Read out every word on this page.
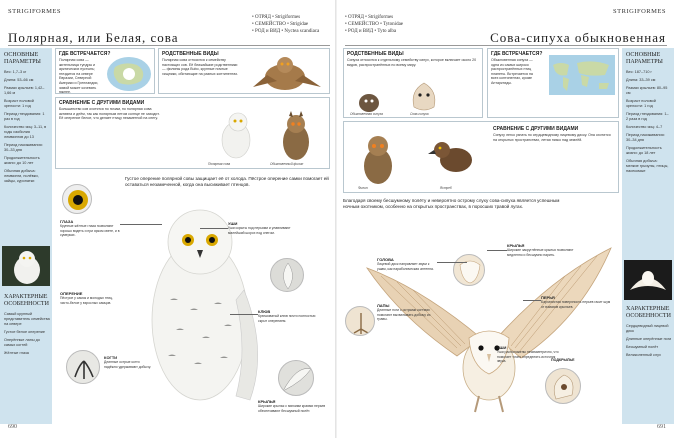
STRIGIFORMES
Полярная, или Белая, сова
• ОТРЯД • Strigiformes
• СЕМЕЙСТВО • Strigidae
• РОД и ВИД • Nyctea scandiaca
ОСНОВНЫЕ ПАРАМЕТРЫ
Вес: 1,7–3 кг
Длина: 53–66 см
Размах крыльев: 1,42–1,66 м
Возраст половой зрелости: 1 год
Период гнездования: 1 раз в год
Количество яиц: 3–11, в годы изобилия леммингов до 13
Период насиживания: 30–33 дня
Продолжительность жизни: до 10 лет
Обычная добыча: лемминги, полёвки, зайцы, куропатки
ХАРАКТЕРНЫЕ ОСОБЕННОСТИ
Самый крупный представитель семейства на севере
Густое белое оперение
Оперённые лапы до самых когтей
Жёлтые глаза
ГДЕ ВСТРЕЧАЕТСЯ?
Полярная сова — жительница тундры и арктических пустынь; гнездится на севере Евразии, Северной Америки и Гренландии, зимой может кочевать южнее.
РОДСТВЕННЫЕ ВИДЫ
Полярная сова относится к семейству настоящих сов. Её ближайшие родственники — филины рода Bubo, крупные ночные хищники, обитающие на разных континентах.
СРАВНЕНИЕ С ДРУГИМИ ВИДАМИ
Большинство сов охотятся по ночам, но полярная сова активна и днём, так как полярным летом солнце не заходит. Её оперение белое, что делает птицу незаметной на снегу.
Полярная сова	Обыкновенный филин
Густое оперение полярной совы защищает её от холода. Пёстрое оперение самки помогает ей оставаться незамеченной, когда она высиживает птенцов.
ГЛАЗА
Крупные жёлтые глаза позволяют хорошо видеть и при ярком свете, и в сумерках.
ОПЕРЕНИЕ
Пёстрое у самок и молодых птиц, чисто-белое у взрослых самцов.
КОГТИ
Длинные острые когти надёжно удерживают добычу.
УШИ
Уши скрыты под перьями и улавливают малейший шорох под снегом.
КЛЮВ
Крючковатый клюв почти полностью скрыт оперением.
КРЫЛЬЯ
Широкие крылья с мягкими краями перьев обеспечивают бесшумный полёт.
690
STRIGIFORMES
• ОТРЯД • Strigiformes
• СЕМЕЙСТВО • Tytonidae
• РОД и ВИД • Tyto alba	Сова-сипуха обыкновенная
ОСНОВНЫЕ ПАРАМЕТРЫ
Вес: 187–710 г
Длина: 33–39 см
Размах крыльев: 80–95 см
Возраст половой зрелости: 1 год
Период гнездования: 1–2 раза в год
Количество яиц: 4–7
Период насиживания: 30–34 дня
Продолжительность жизни: до 18 лет
Обычная добыча: мелкие грызуны, птицы, насекомые
ХАРАКТЕРНЫЕ ОСОБЕННОСТИ
Сердцевидный лицевой диск
Длинные оперённые ноги
Бесшумный полёт
Великолепный слух
РОДСТВЕННЫЕ ВИДЫ
Сипуха относится к отдельному семейству сипух, которое включает около 20 видов, распространённых по всему миру.
Обыкновенная сипуха	Сова-сипуха
ГДЕ ВСТРЕЧАЕТСЯ?
Обыкновенная сипуха — одна из самых широко распространённых птиц планеты. Встречается на всех континентах, кроме Антарктиды.
Филин	Ястреб
СРАВНЕНИЕ С ДРУГИМИ ВИДАМИ
Сипуху легко узнать по сердцевидному лицевому диску. Она охотится на открытых пространствах, летая низко над землёй.
Благодаря своему бесшумному полёту и невероятно острому слуху сова-сипуха является успешным ночным охотником, особенно на открытых пространствах, в поросших травой лугах.
ГОЛОВА
Лицевой диск направляет звуки к ушам, как параболическая антенна.
КРЫЛЬЯ
Широкие закруглённые крылья позволяют медленно и бесшумно парить.
ЛАПЫ
Длинные ноги с острыми когтями помогают выхватывать добычу из травы.
ПЕРЬЯ
Бархатистая поверхность перьев гасит шум от взмахов крыльев.
УШИ
Уши расположены несимметрично, что помогает точно определять источник звука.	ПОДКРЫЛЬЕ
691
